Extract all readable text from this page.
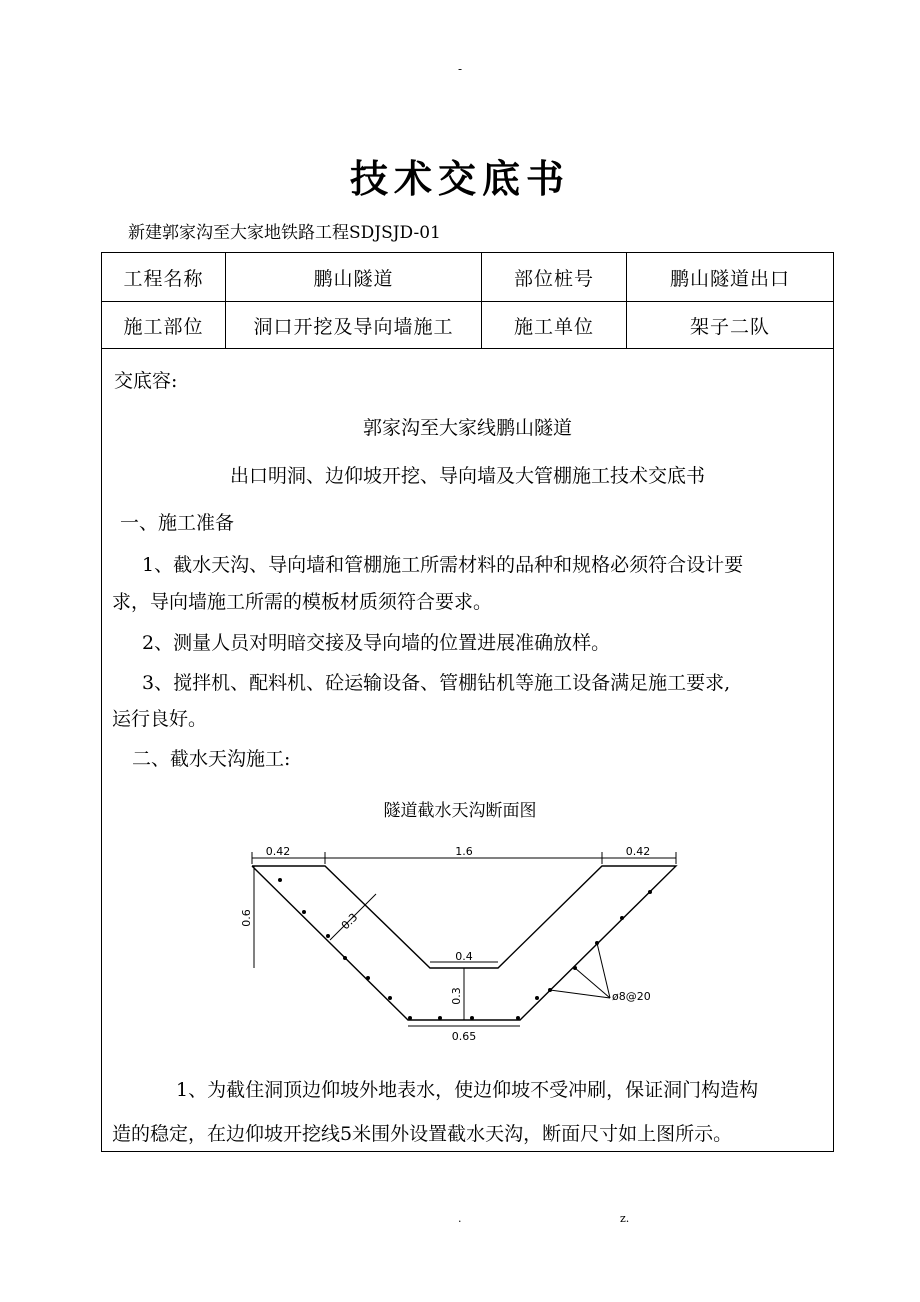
-
技术交底书
新建郭家沟至大家地铁路工程SDJSJD-01
工程名称	鹏山隧道	部位桩号	鹏山隧道出口
施工部位	洞口开挖及导向墙施工	施工单位	架子二队
交底容:
郭家沟至大家线鹏山隧道
出口明洞、边仰坡开挖、导向墙及大管棚施工技术交底书
一、施工准备
1、截水天沟、导向墙和管棚施工所需材料的品种和规格必须符合设计要
求，导向墙施工所需的模板材质须符合要求。
2、测量人员对明暗交接及导向墙的位置进展准确放样。
3、搅拌机、配料机、砼运输设备、管棚钻机等施工设备满足施工要求,
运行良好。
二、截水天沟施工:
1、为截住洞顶边仰坡外地表水，使边仰坡不受冲刷，保证洞门构造构
造的稳定，在边仰坡开挖线5米围外设置截水天沟，断面尺寸如上图所示。
隧道截水天沟断面图
0.42	1.6	0.42
0.6	0.3
0.4
0.3
0.65
ø8@20
.	z.
